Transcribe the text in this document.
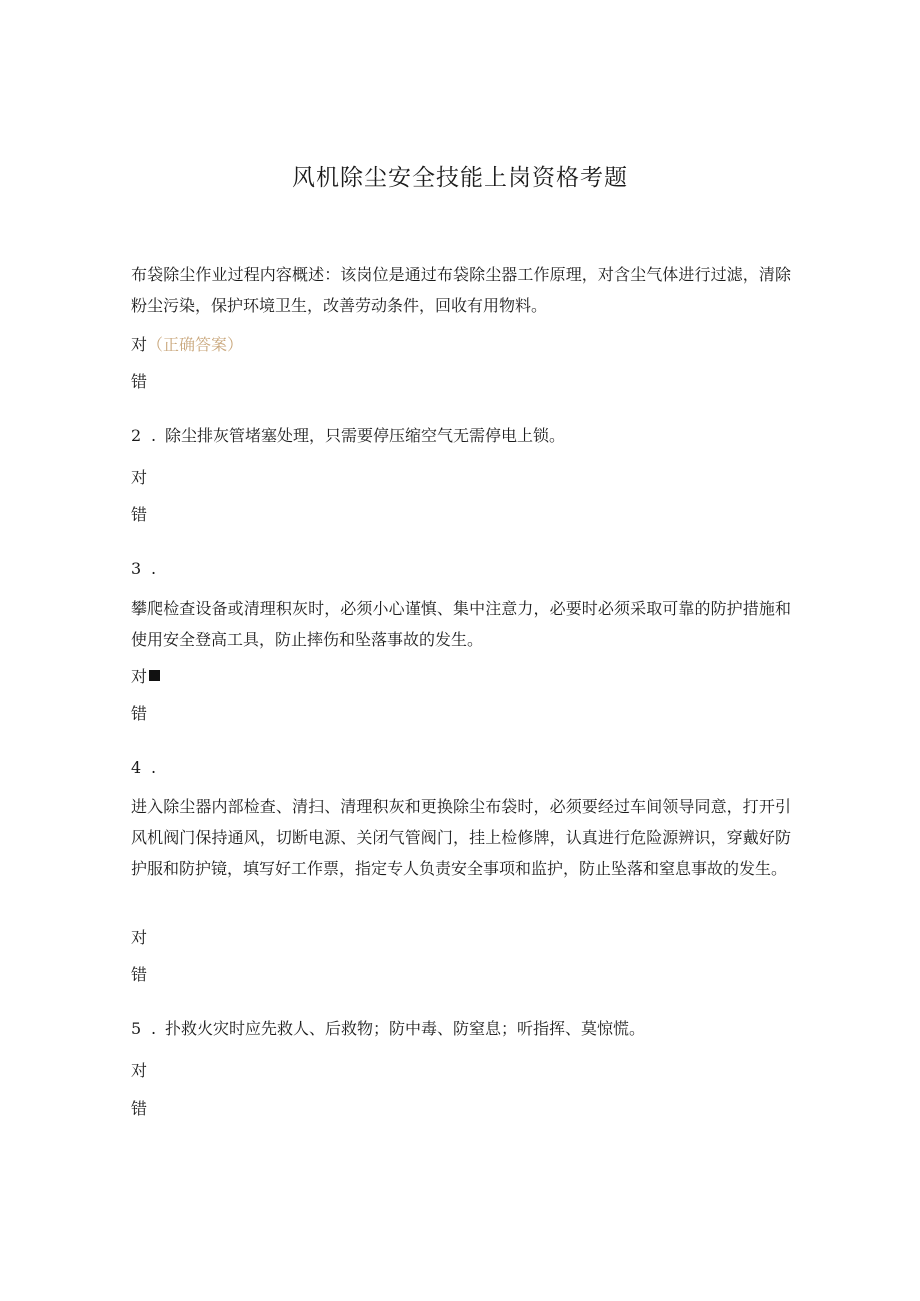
风机除尘安全技能上岗资格考题
布袋除尘作业过程内容概述：该岗位是通过布袋除尘器工作原理，对含尘气体进行过滤，清除粉尘污染，保护环境卫生，改善劳动条件，回收有用物料。
对（正确答案）
错
2 . 除尘排灰管堵塞处理，只需要停压缩空气无需停电上锁。
对
错
3 .
攀爬检查设备或清理积灰时，必须小心谨慎、集中注意力，必要时必须采取可靠的防护措施和使用安全登高工具，防止摔伤和坠落事故的发生。
对
错
4 .
进入除尘器内部检查、清扫、清理积灰和更换除尘布袋时，必须要经过车间领导同意，打开引风机阀门保持通风，切断电源、关闭气管阀门，挂上检修牌，认真进行危险源辨识，穿戴好防护服和防护镜，填写好工作票，指定专人负责安全事项和监护，防止坠落和窒息事故的发生。
对
错
5 . 扑救火灾时应先救人、后救物；防中毒、防窒息；听指挥、莫惊慌。
对
错
